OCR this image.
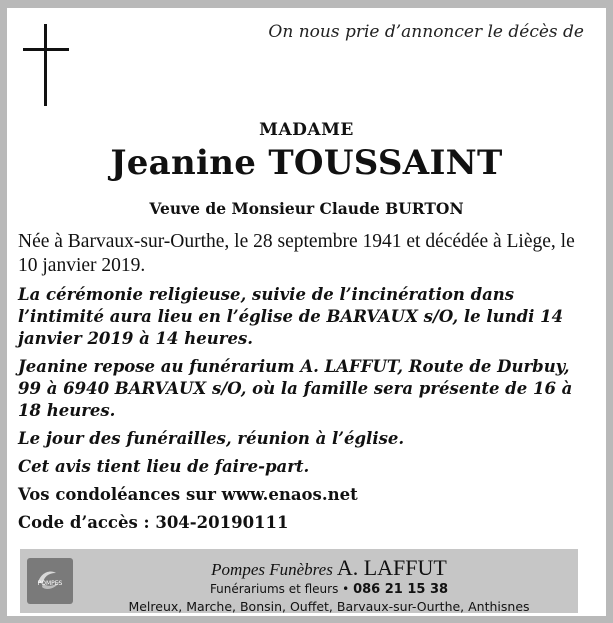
On nous prie d’annoncer le décès de
MADAME
Jeanine TOUSSAINT
Veuve de Monsieur Claude BURTON

Née à Barvaux-sur-Ourthe, le 28 septembre 1941 et décédée à Liège, le 10 janvier 2019.

La cérémonie religieuse, suivie de l’incinération dans l’intimité aura lieu en l’église de BARVAUX s/O, le lundi 14 janvier 2019 à 14 heures.

Jeanine repose au funérarium A. LAFFUT, Route de Durbuy, 99 à 6940 BARVAUX s/O, où la famille sera présente de 16 à 18 heures.

Le jour des funérailles, réunion à l’église.

Cet avis tient lieu de faire-part.

Vos condoléances sur www.enaos.net

Code d’accès : 304-20190111

POMPES
Pompes Funèbres A. LAFFUT
Funérariums et fleurs • 086 21 15 38
Melreux, Marche, Bonsin, Ouffet, Barvaux-sur-Ourthe, Anthisnes
